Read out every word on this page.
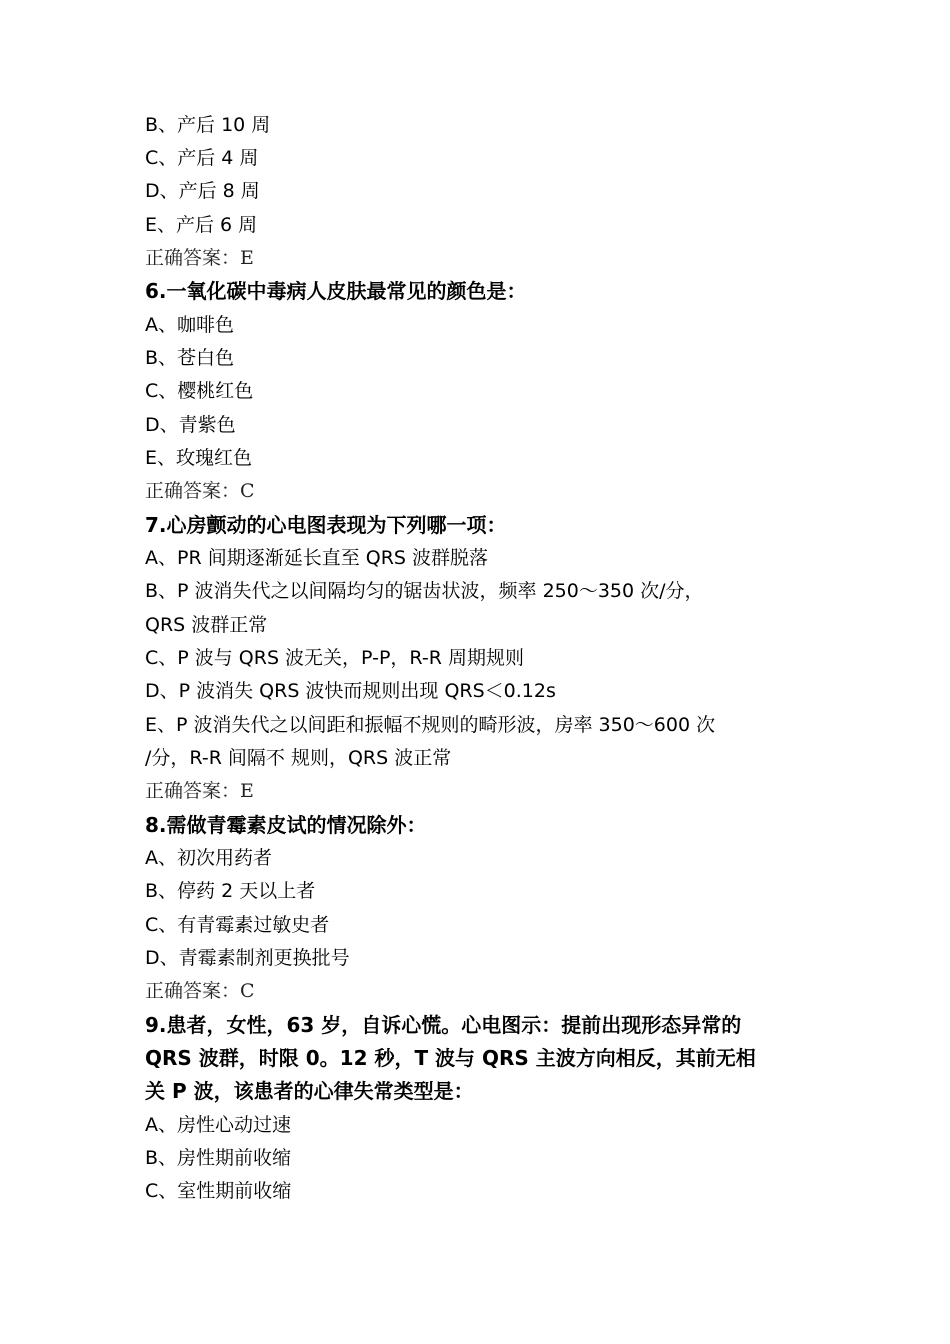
B、产后 10 周
C、产后 4 周
D、产后 8 周
E、产后 6 周
正确答案：E
6.一氧化碳中毒病人皮肤最常见的颜色是：
A、咖啡色
B、苍白色
C、樱桃红色
D、青紫色
E、玫瑰红色
正确答案：C
7.心房颤动的心电图表现为下列哪一项：
A、PR 间期逐渐延长直至 QRS 波群脱落
B、P 波消失代之以间隔均匀的锯齿状波，频率 250～350 次/分，
QRS 波群正常
C、P 波与 QRS 波无关，P-P，R-R 周期规则
D、P 波消失 QRS 波快而规则出现 QRS＜0.12s
E、P 波消失代之以间距和振幅不规则的畸形波，房率 350～600 次
/分，R-R 间隔不 规则，QRS 波正常
正确答案：E
8.需做青霉素皮试的情况除外：
A、初次用药者
B、停药 2 天以上者
C、有青霉素过敏史者
D、青霉素制剂更换批号
正确答案：C
9.患者，女性，63 岁，自诉心慌。心电图示：提前出现形态异常的
QRS 波群，时限 0。12 秒，T 波与 QRS 主波方向相反，其前无相
关 P 波，该患者的心律失常类型是：
A、房性心动过速
B、房性期前收缩
C、室性期前收缩
